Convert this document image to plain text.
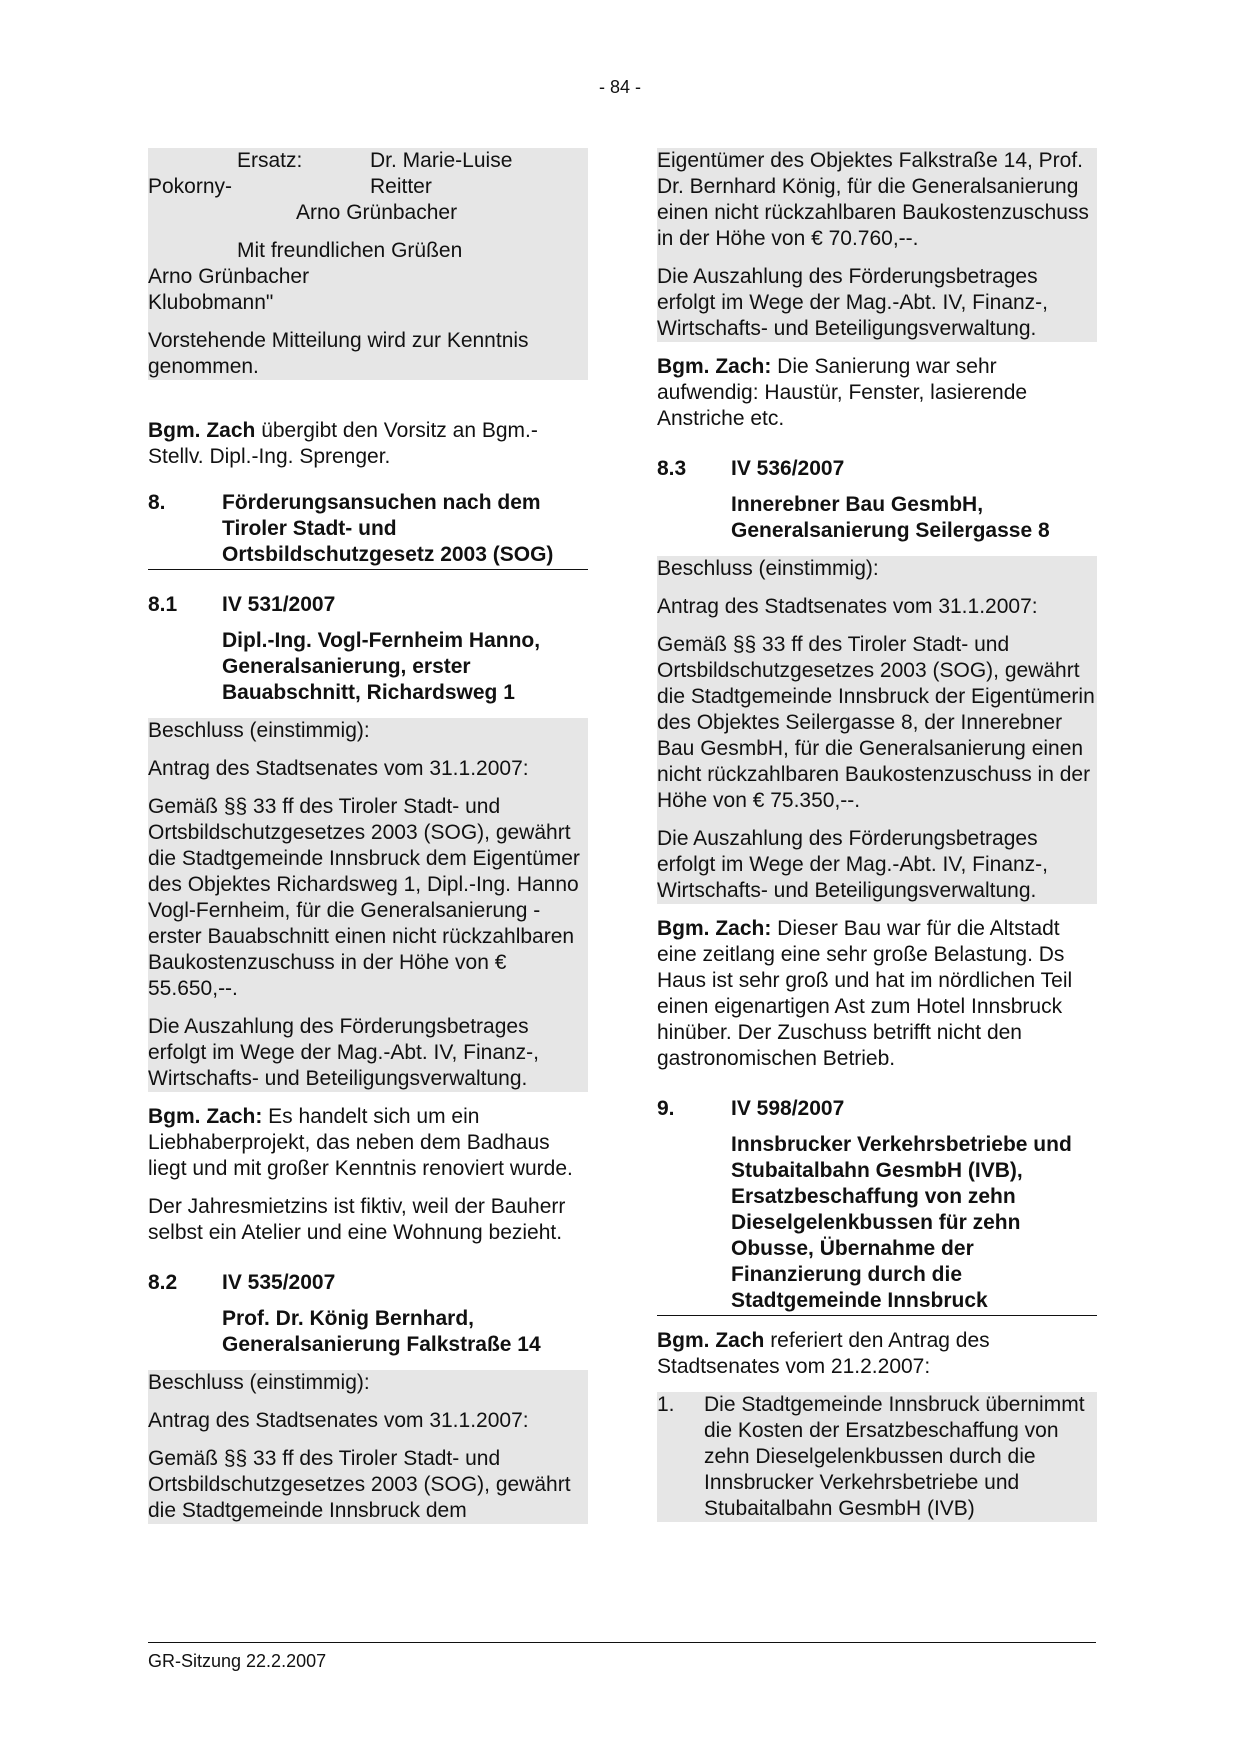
- 84 -
Ersatz:	Dr. Marie-Luise
Pokorny-	Reitter

Arno Grünbacher

Mit freundlichen Grüßen

Arno Grünbacher

Klubobmann"

Vorstehende Mitteilung wird zur Kenntnis genommen.

Bgm. Zach übergibt den Vorsitz an Bgm.-Stellv. Dipl.-Ing. Sprenger.

8.	Förderungsansuchen nach dem Tiroler Stadt- und Ortsbildschutzgesetz 2003 (SOG)
8.1	IV 531/2007

Dipl.-Ing. Vogl-Fernheim Hanno, Generalsanierung, erster Bauabschnitt, Richardsweg 1

Beschluss (einstimmig):

Antrag des Stadtsenates vom 31.1.2007:

Gemäß §§ 33 ff des Tiroler Stadt- und Ortsbildschutzgesetzes 2003 (SOG), gewährt die Stadtgemeinde Innsbruck dem Eigentümer des Objektes Richardsweg 1, Dipl.-Ing. Hanno Vogl-Fernheim, für die Generalsanierung - erster Bauabschnitt einen nicht rückzahlbaren Baukostenzuschuss in der Höhe von € 55.650,--.

Die Auszahlung des Förderungsbetrages erfolgt im Wege der Mag.-Abt. IV, Finanz-, Wirtschafts- und Beteiligungsverwaltung.

Bgm. Zach: Es handelt sich um ein Liebhaberprojekt, das neben dem Badhaus liegt und mit großer Kenntnis renoviert wurde.

Der Jahresmietzins ist fiktiv, weil der Bauherr selbst ein Atelier und eine Wohnung bezieht.

8.2	IV 535/2007

Prof. Dr. König Bernhard, Generalsanierung Falkstraße 14

Beschluss (einstimmig):

Antrag des Stadtsenates vom 31.1.2007:

Gemäß §§ 33 ff des Tiroler Stadt- und Ortsbildschutzgesetzes 2003 (SOG), gewährt die Stadtgemeinde Innsbruck dem

Eigentümer des Objektes Falkstraße 14, Prof. Dr. Bernhard König, für die Generalsanierung einen nicht rückzahlbaren Baukostenzuschuss in der Höhe von € 70.760,--.

Die Auszahlung des Förderungsbetrages erfolgt im Wege der Mag.-Abt. IV, Finanz-, Wirtschafts- und Beteiligungsverwaltung.

Bgm. Zach: Die Sanierung war sehr aufwendig: Haustür, Fenster, lasierende Anstriche etc.

8.3	IV 536/2007

Innerebner Bau GesmbH, Generalsanierung Seilergasse 8

Beschluss (einstimmig):

Antrag des Stadtsenates vom 31.1.2007:

Gemäß §§ 33 ff des Tiroler Stadt- und Ortsbildschutzgesetzes 2003 (SOG), gewährt die Stadtgemeinde Innsbruck der Eigentümerin des Objektes Seilergasse 8, der Innerebner Bau GesmbH, für die Generalsanierung einen nicht rückzahlbaren Baukostenzuschuss in der Höhe von € 75.350,--.

Die Auszahlung des Förderungsbetrages erfolgt im Wege der Mag.-Abt. IV, Finanz-, Wirtschafts- und Beteiligungsverwaltung.

Bgm. Zach: Dieser Bau war für die Altstadt eine zeitlang eine sehr große Belastung. Ds Haus ist sehr groß und hat im nördlichen Teil einen eigenartigen Ast zum Hotel Innsbruck hinüber. Der Zuschuss betrifft nicht den gastronomischen Betrieb.

9.	IV 598/2007

Innsbrucker Verkehrsbetriebe und Stubaitalbahn GesmbH (IVB), Ersatzbeschaffung von zehn Dieselgelenkbussen für zehn Obusse, Übernahme der Finanzierung durch die Stadtgemeinde Innsbruck

Bgm. Zach referiert den Antrag des Stadtsenates vom 21.2.2007:

1.	Die Stadtgemeinde Innsbruck übernimmt die Kosten der Ersatzbeschaffung von zehn Dieselgelenkbussen durch die Innsbrucker Verkehrsbetriebe und Stubaitalbahn GesmbH (IVB)
GR-Sitzung 22.2.2007
